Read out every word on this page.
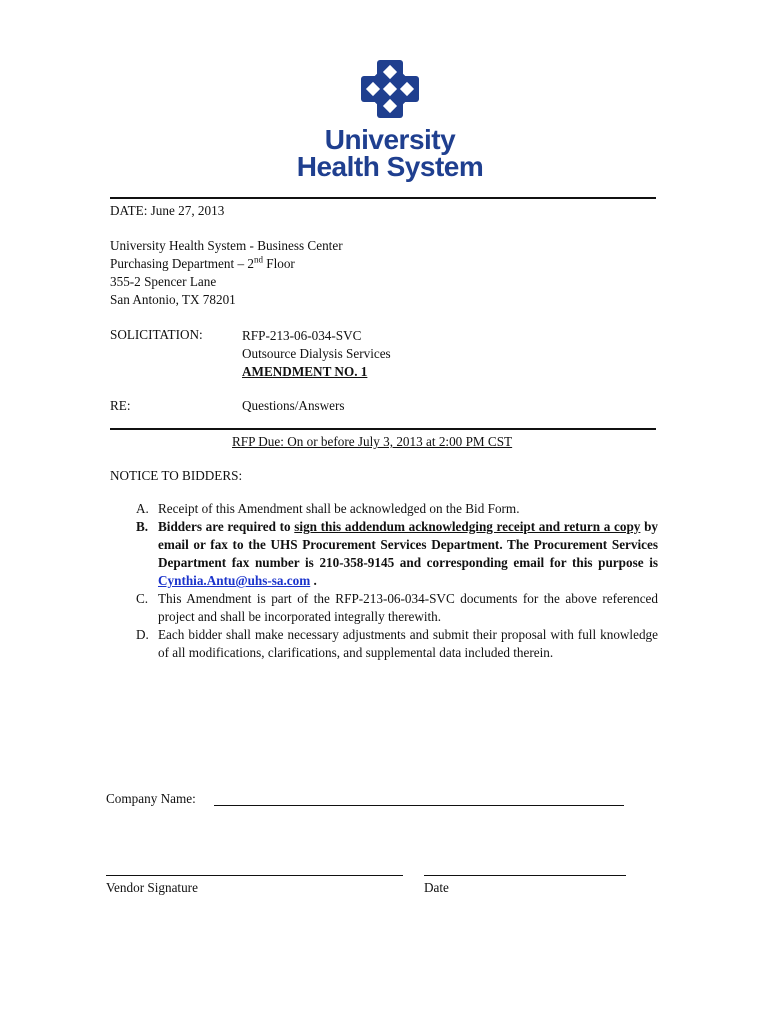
University
Health System
DATE: June 27, 2013
University Health System - Business Center
Purchasing Department – 2nd Floor
355-2 Spencer Lane
San Antonio, TX 78201
SOLICITATION:	RFP-213-06-034-SVC
Outsource Dialysis Services
AMENDMENT NO. 1
RE:	Questions/Answers
RFP Due: On or before July 3, 2013 at 2:00 PM CST
NOTICE TO BIDDERS:
A. Receipt of this Amendment shall be acknowledged on the Bid Form.
B. Bidders are required to sign this addendum acknowledging receipt and return a copy by email or fax to the UHS Procurement Services Department. The Procurement Services Department fax number is 210-358-9145 and corresponding email for this purpose is Cynthia.Antu@uhs-sa.com .
C. This Amendment is part of the RFP-213-06-034-SVC documents for the above referenced project and shall be incorporated integrally therewith.
D. Each bidder shall make necessary adjustments and submit their proposal with full knowledge of all modifications, clarifications, and supplemental data included therein.
Company Name:
Vendor Signature	Date
